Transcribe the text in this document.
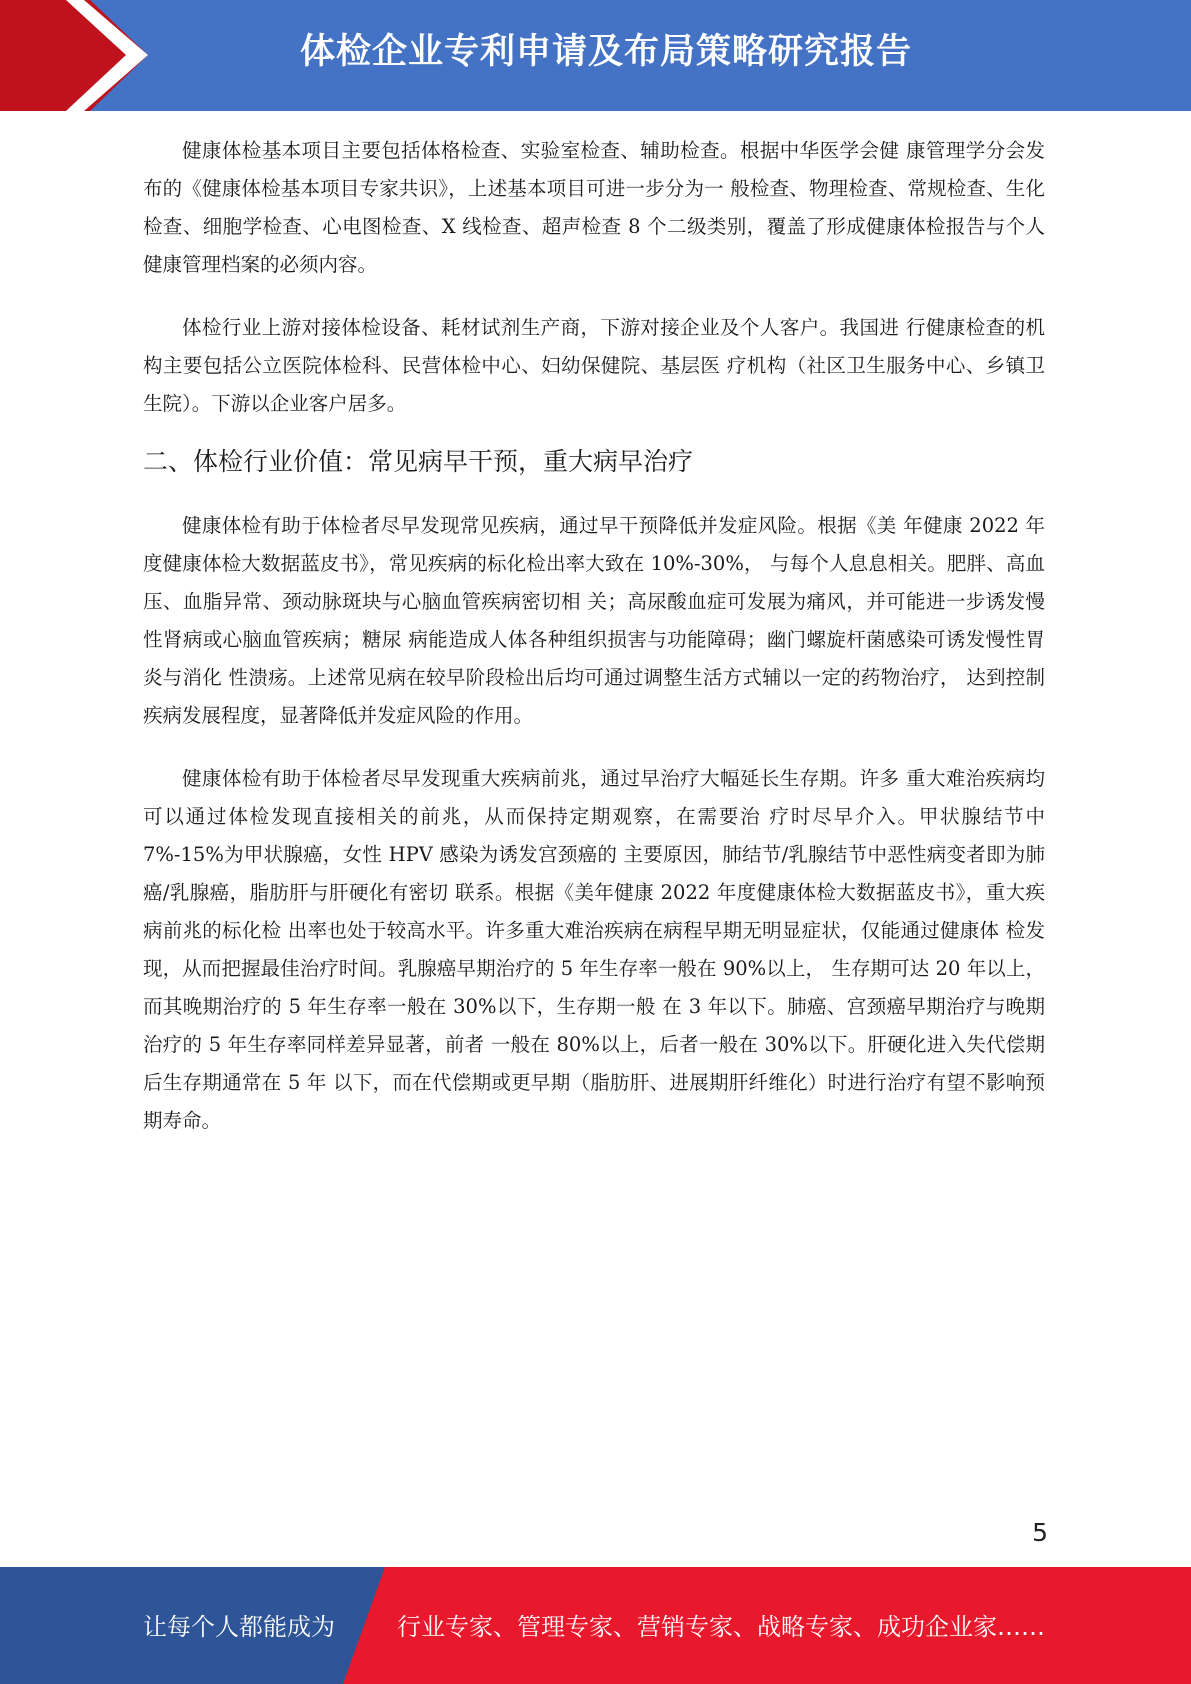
体检企业专利申请及布局策略研究报告

健康体检基本项目主要包括体格检查、实验室检查、辅助检查。根据中华医学会健 康管理学分会发布的《健康体检基本项目专家共识》，上述基本项目可进一步分为一 般检查、物理检查、常规检查、生化检查、细胞学检查、心电图检查、X 线检查、超声检查 8 个二级类别，覆盖了形成健康体检报告与个人健康管理档案的必须内容。

体检行业上游对接体检设备、耗材试剂生产商，下游对接企业及个人客户。我国进 行健康检查的机构主要包括公立医院体检科、民营体检中心、妇幼保健院、基层医 疗机构（社区卫生服务中心、乡镇卫生院）。下游以企业客户居多。

二、体检行业价值：常见病早干预，重大病早治疗

健康体检有助于体检者尽早发现常见疾病，通过早干预降低并发症风险。根据《美 年健康 2022 年度健康体检大数据蓝皮书》，常见疾病的标化检出率大致在 10%-30%， 与每个人息息相关。肥胖、高血压、血脂异常、颈动脉斑块与心脑血管疾病密切相 关；高尿酸血症可发展为痛风，并可能进一步诱发慢性肾病或心脑血管疾病；糖尿 病能造成人体各种组织损害与功能障碍；幽门螺旋杆菌感染可诱发慢性胃炎与消化 性溃疡。上述常见病在较早阶段检出后均可通过调整生活方式辅以一定的药物治疗， 达到控制疾病发展程度，显著降低并发症风险的作用。

健康体检有助于体检者尽早发现重大疾病前兆，通过早治疗大幅延长生存期。许多 重大难治疾病均可以通过体检发现直接相关的前兆，从而保持定期观察，在需要治 疗时尽早介入。甲状腺结节中 7%-15%为甲状腺癌，女性 HPV 感染为诱发宫颈癌的 主要原因，肺结节/乳腺结节中恶性病变者即为肺癌/乳腺癌，脂肪肝与肝硬化有密切 联系。根据《美年健康 2022 年度健康体检大数据蓝皮书》，重大疾病前兆的标化检 出率也处于较高水平。许多重大难治疾病在病程早期无明显症状，仅能通过健康体 检发现，从而把握最佳治疗时间。乳腺癌早期治疗的 5 年生存率一般在 90%以上， 生存期可达 20 年以上，而其晚期治疗的 5 年生存率一般在 30%以下，生存期一般 在 3 年以下。肺癌、宫颈癌早期治疗与晚期治疗的 5 年生存率同样差异显著，前者 一般在 80%以上，后者一般在 30%以下。肝硬化进入失代偿期后生存期通常在 5 年 以下，而在代偿期或更早期（脂肪肝、进展期肝纤维化）时进行治疗有望不影响预 期寿命。

5
让每个人都能成为	行业专家、管理专家、营销专家、战略专家、成功企业家……
